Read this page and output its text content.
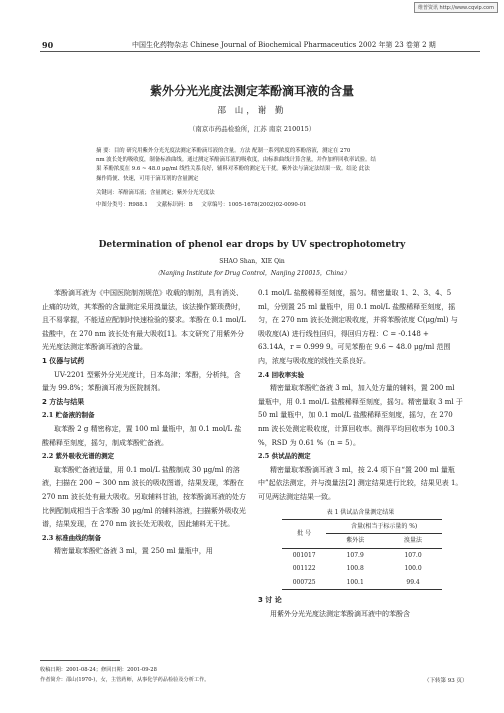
维普资讯 http://www.cqvip.com
90	中国生化药物杂志 Chinese Journal of Biochemical Pharmaceutics 2002 年第 23 卷第 2 期
紫外分光光度法测定苯酚滴耳液的含量
邵 山，谢 勤
（南京市药品检验所，江苏 南京 210015）

摘 要：目的 研究用紫外分光光度法测定苯酚滴耳液的含量。方法 配制一系列浓度的苯酚溶液，测定在 270

nm 波长处的吸收度，制备标准曲线。通过测定苯酚滴耳液的吸收度，由标准曲线计算含量，并作加样回收率试验。结

果 苯酚浓度在 9.6 ~ 48.0 μg/ml 线性关系良好，辅料对苯酚的测定无干扰。紫外法与滴定法结果一致。结论 此法

操作简便、快速，可用于滴耳剂的含量测定

关键词：苯酚滴耳液；含量测定；紫外分光光度法
中图分类号：R988.1 文献标识码：B 文章编号：1005-1678(2002)02-0090-01
Determination of phenol ear drops by UV spectrophotometry
SHAO Shan，XIE Qin
（Nanjing Institute for Drug Control，Nanjing 210015，China）

苯酚滴耳液为《中国医院制剂规范》收载的制剂，具有消炎、止痛的功效，其苯酚的含量测定采用溴量法，该法操作繁琐费时，且不易掌握，不能适应配制时快速检验的要求。苯酚在 0.1 mol/L 盐酸中，在 270 nm 波长处有最大吸收[1]。本文研究了用紫外分光光度法测定苯酚滴耳液的含量。

1 仪器与试药

UV-2201 型紫外分光光度计，日本岛津；苯酚，分析纯，含量为 99.8%；苯酚滴耳液为医院制剂。

2 方法与结果
2.1 贮备液的制备

取苯酚 2 g 精密称定，置 100 ml 量瓶中，加 0.1 mol/L 盐酸稀释至刻度，摇匀，制成苯酚贮备液。

2.2 紫外吸收光谱的测定

取苯酚贮备液适量，用 0.1 mol/L 盐酸制成 30 μg/ml 的溶液，扫描在 200 ~ 300 nm 波长的吸收图谱，结果发现，苯酚在 270 nm 波长处有最大吸收。另取辅料甘油，按苯酚滴耳液的处方比例配制成相当于含苯酚 30 μg/ml 的辅料溶液，扫描紫外吸收光谱，结果发现，在 270 nm 波长处无吸收，因此辅料无干扰。

2.3 标准曲线的制备

精密量取苯酚贮备液 3 ml，置 250 ml 量瓶中，用

0.1 mol/L 盐酸稀释至刻度，摇匀。精密量取 1、2、3、4、5 ml，分别置 25 ml 量瓶中，用 0.1 mol/L 盐酸稀释至刻度，摇匀，在 270 nm 波长处测定吸收度，并将苯酚浓度 C(μg/ml) 与吸收度(A) 进行线性回归，得回归方程：C = -0.148 + 63.14A，r = 0.999 9。可见苯酚在 9.6 ~ 48.0 μg/ml 范围内，浓度与吸收度的线性关系良好。

2.4 回收率实验

精密量取苯酚贮备液 3 ml，加入处方量的辅料，置 200 ml 量瓶中，用 0.1 mol/L 盐酸稀释至刻度，摇匀。精密量取 3 ml 于 50 ml 量瓶中，加 0.1 mol/L 盐酸稀释至刻度，摇匀，在 270 nm 波长处测定吸收度，计算回收率。测得平均回收率为 100.3 %，RSD 为 0.61 %（n = 5）。

2.5 供试品的测定

精密量取苯酚滴耳液 3 ml，按 2.4 项下自“置 200 ml 量瓶中”起依法测定，并与溴量法[2] 测定结果进行比较，结果见表 1。可见两法测定结果一致。

表 1 供试品含量测定结果
批 号	含量(相当于标示量的 %)	
	紫外法	溴量法
001017	107.9	107.0
001122	100.8	100.0
000725	100.1	99.4
3 讨 论

用紫外分光光度法测定苯酚滴耳液中的苯酚含

收稿日期：2001-08-24；修回日期：2001-09-28
作者简介：邵山(1970-)，女，主管药师，从事化学药品检验及分析工作。	（下转第 93 页）
